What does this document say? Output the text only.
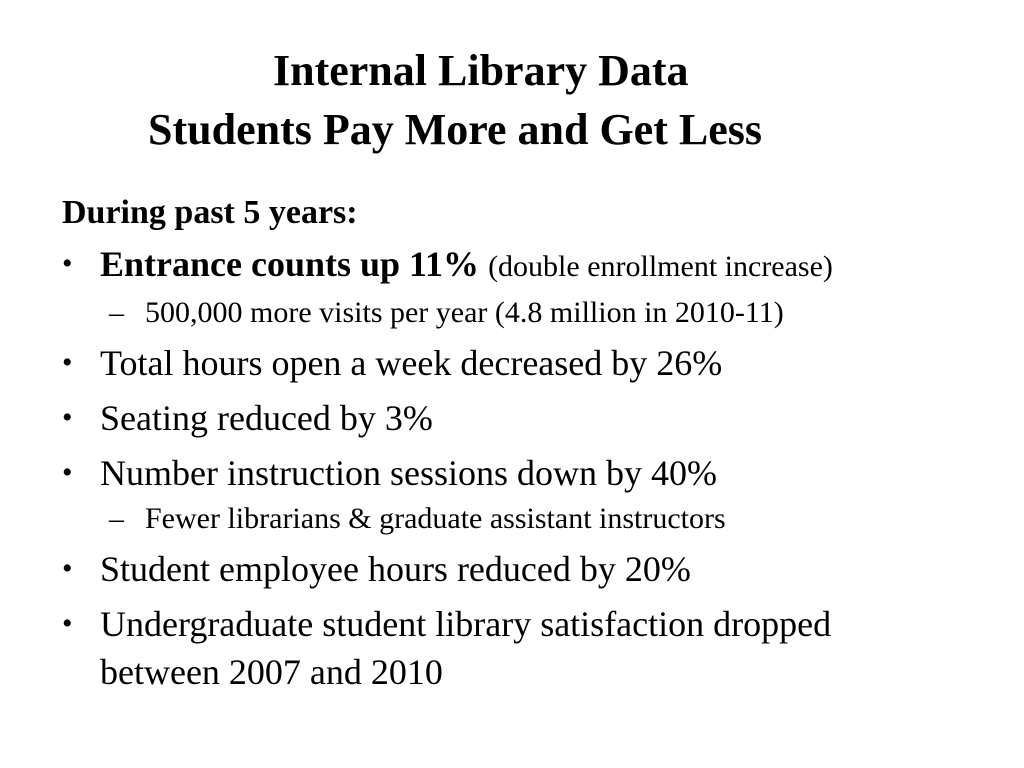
Internal Library Data
Students Pay More and Get Less
During past 5 years:
• Entrance counts up 11% (double enrollment increase)
– 500,000 more visits per year (4.8 million in 2010-11)
• Total hours open a week decreased by 26%
• Seating reduced by 3%
• Number instruction sessions down by 40%
– Fewer librarians & graduate assistant instructors
• Student employee hours reduced by 20%
• Undergraduate student library satisfaction dropped
between 2007 and 2010
